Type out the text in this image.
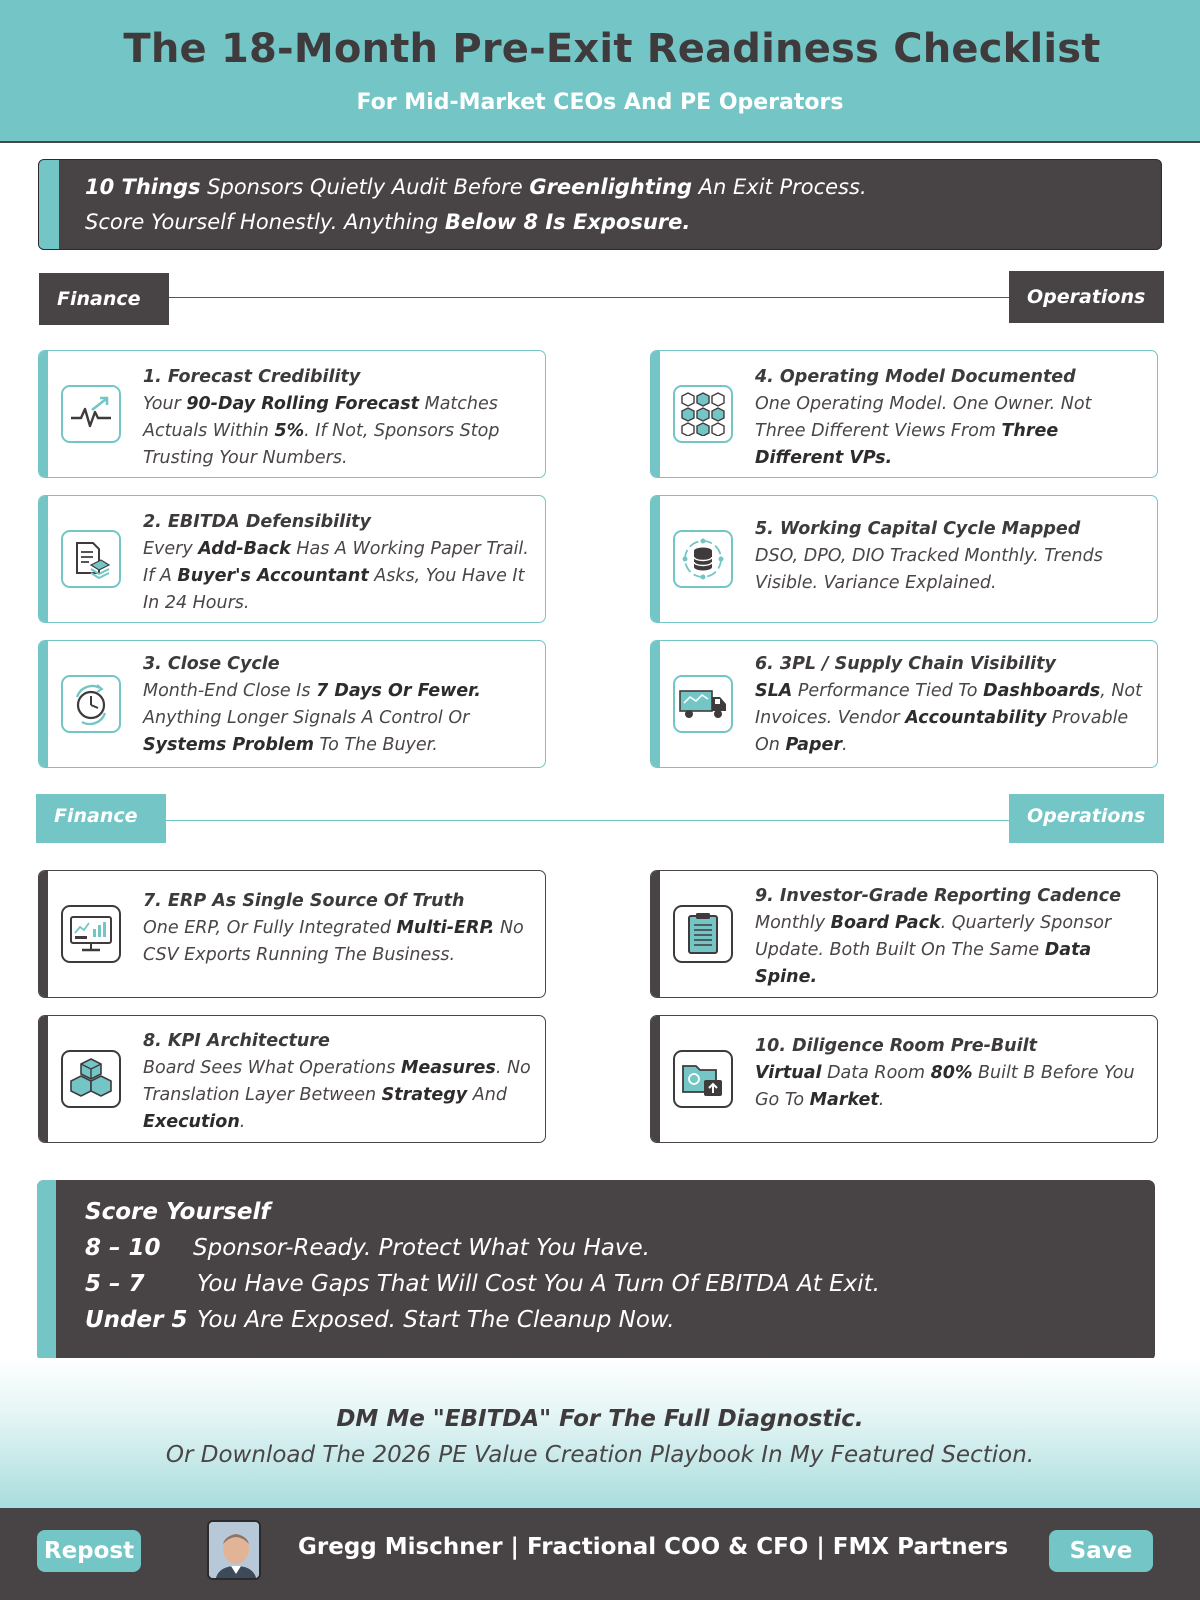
The 18-Month Pre-Exit Readiness Checklist
For Mid-Market CEOs And PE Operators

10 Things Sponsors Quietly Audit Before Greenlighting An Exit Process.

Score Yourself Honestly. Anything Below 8 Is Exposure.

Finance	Operations
Finance	Operations
1. Forecast Credibility
Your 90-Day Rolling Forecast Matches Actuals Within 5%. If Not, Sponsors Stop Trusting Your Numbers.
2. EBITDA Defensibility
Every Add-Back Has A Working Paper Trail. If A Buyer's Accountant Asks, You Have It In 24 Hours.
3. Close Cycle
Month-End Close Is 7 Days Or Fewer. Anything Longer Signals A Control Or Systems Problem To The Buyer.
4. Operating Model Documented
One Operating Model. One Owner. Not Three Different Views From Three Different VPs.
5. Working Capital Cycle Mapped
DSO, DPO, DIO Tracked Monthly. Trends Visible. Variance Explained.
6. 3PL / Supply Chain Visibility
SLA Performance Tied To Dashboards, Not Invoices. Vendor Accountability Provable On Paper.
7. ERP As Single Source Of Truth
One ERP, Or Fully Integrated Multi-ERP. No CSV Exports Running The Business.
8. KPI Architecture
Board Sees What Operations Measures. No Translation Layer Between Strategy And Execution.
9. Investor-Grade Reporting Cadence
Monthly Board Pack. Quarterly Sponsor Update. Both Built On The Same Data Spine.
10. Diligence Room Pre-Built
Virtual Data Room 80% Built B Before You Go To Market.
Score Yourself
8 – 10 Sponsor-Ready. Protect What You Have.
5 – 7 You Have Gaps That Will Cost You A Turn Of EBITDA At Exit.
Under 5 You Are Exposed. Start The Cleanup Now.
DM Me "EBITDA" For The Full Diagnostic.
Or Download The 2026 PE Value Creation Playbook In My Featured Section.
Repost	Gregg Mischner | Fractional COO & CFO | FMX Partners	Save
